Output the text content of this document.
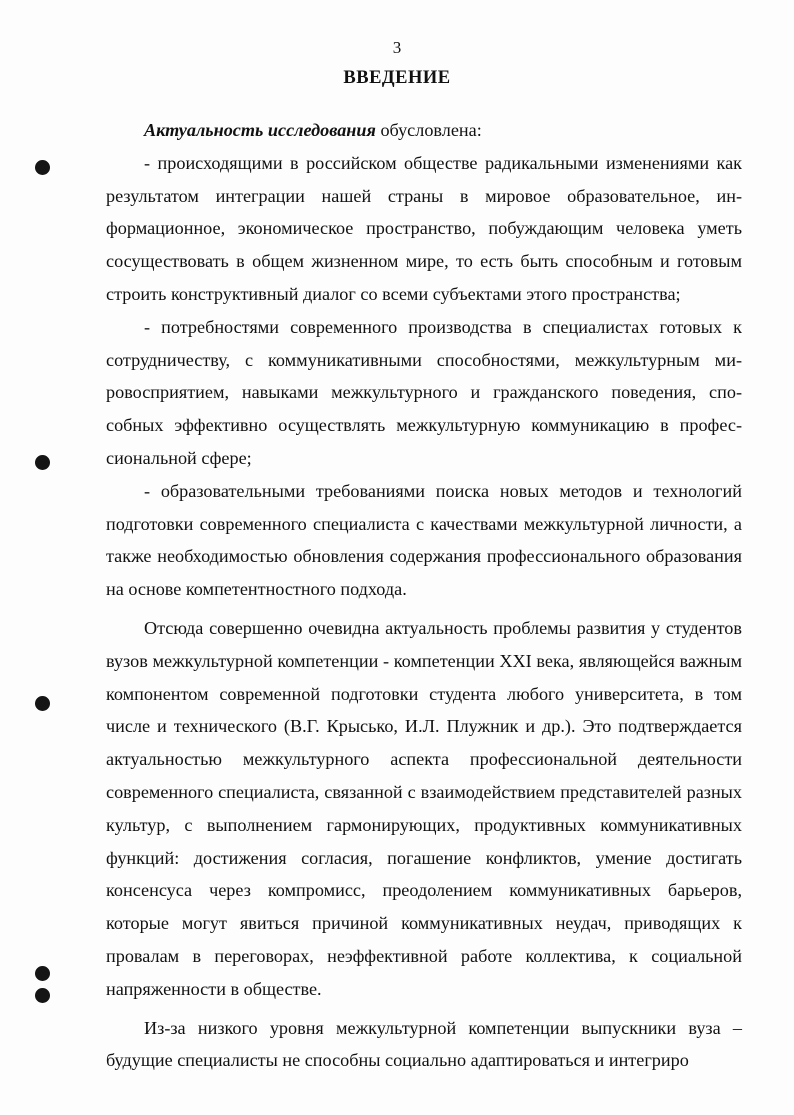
3
ВВЕДЕНИЕ

Актуальность исследования обусловлена:

- происходящими в российском обществе радикальными изменениями как результатом интеграции нашей страны в мировое образовательное, информационное, экономическое пространство, побуждающим человека уметь сосуществовать в общем жизненном мире, то есть быть способным и готовым строить конструктивный диалог со всеми субъектами этого пространства;

- потребностями современного производства в специалистах готовых к сотрудничеству, с коммуникативными способностями, межкультурным мировосприятием, навыками межкультурного и гражданского поведения, способных эффективно осуществлять межкультурную коммуникацию в профессиональной сфере;

- образовательными требованиями поиска новых методов и технологий подготовки современного специалиста с качествами межкультурной личности, а также необходимостью обновления содержания профессионального образования на основе компетентностного подхода.

Отсюда совершенно очевидна актуальность проблемы развития у студентов вузов межкультурной компетенции - компетенции XXI века, являющейся важным компонентом современной подготовки студента любого университета, в том числе и технического (В.Г. Крысько, И.Л. Плужник и др.). Это подтверждается актуальностью межкультурного аспекта профессиональной деятельности современного специалиста, связанной с взаимодействием представителей разных культур, с выполнением гармонирующих, продуктивных коммуникативных функций: достижения согласия, погашение конфликтов, умение достигать консенсуса через компромисс, преодолением коммуникативных барьеров, которые могут явиться причиной коммуникативных неудач, приводящих к провалам в переговорах, неэффективной работе коллектива, к социальной напряженности в обществе.

Из-за низкого уровня межкультурной компетенции выпускники вуза – будущие специалисты не способны социально адаптироваться и интегриро
